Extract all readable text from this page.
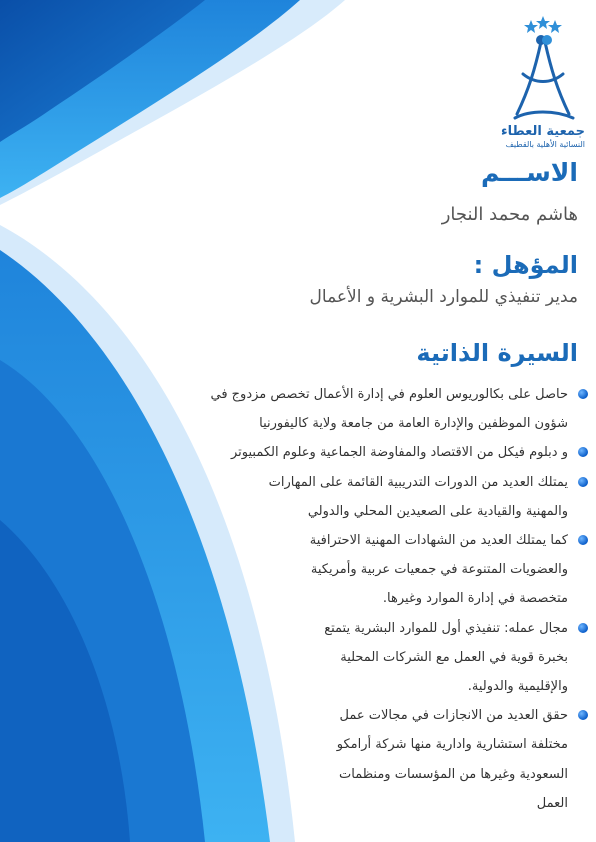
جمعية العطاء
النسائية الأهلية بالقطيف
الاســـم
هاشم محمد النجار
المؤهل :
مدير تنفيذي للموارد البشرية و الأعمال
السيرة الذاتية
حاصل على بكالوريوس العلوم في إدارة الأعمال تخصص مزدوج في
شؤون الموظفين والإدارة العامة من جامعة ولاية كاليفورنيا
و دبلوم فيكل من الاقتصاد والمفاوضة الجماعية وعلوم الكمبيوتر
يمتلك العديد من الدورات التدريبية القائمة على المهارات
والمهنية والقيادية على الصعيدين المحلي والدولي
كما يمتلك العديد من الشهادات المهنية الاحترافية
والعضويات المتنوعة في جمعيات عربية وأمريكية
متخصصة في إدارة الموارد وغيرها.
مجال عمله: تنفيذي أول للموارد البشرية يتمتع
بخبرة قوية في العمل مع الشركات المحلية
والإقليمية والدولية.
حقق العديد من الانجازات في مجالات عمل
مختلفة استشارية وادارية منها شركة أرامكو
السعودية وغيرها من المؤسسات ومنظمات
العمل
